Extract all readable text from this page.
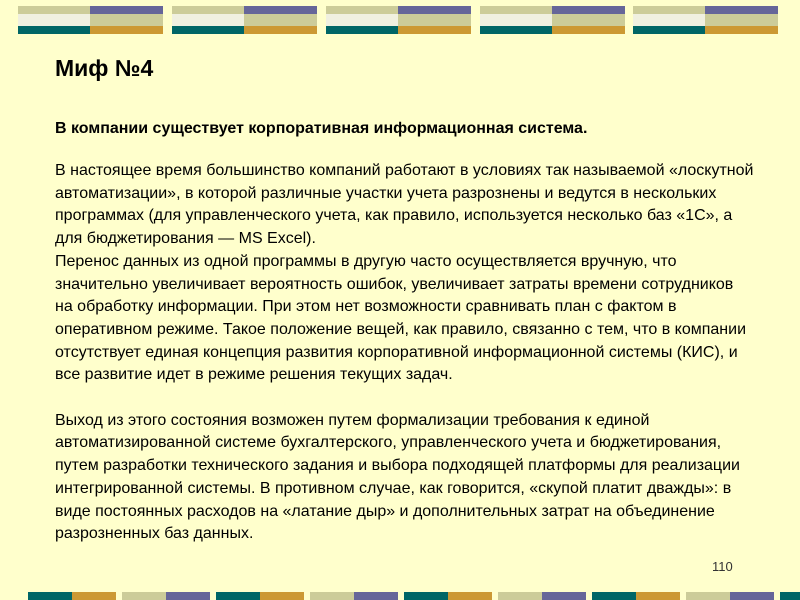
Миф №4
В компании существует корпоративная информационная система.

В настоящее время большинство компаний работают в условиях так называемой «лоскутной автоматизации», в которой различные участки учета разрознены и ведутся в нескольких программах (для управленческого учета, как правило, используется несколько баз «1С», а для бюджетирования — MS Excel).

Перенос данных из одной программы в другую часто осуществляется вручную, что значительно увеличивает вероятность ошибок, увеличивает затраты времени сотрудников на обработку информации. При этом нет возможности сравнивать план с фактом в оперативном режиме. Такое положение вещей, как правило, связанно с тем, что в компании отсутствует единая концепция развития корпоративной информационной системы (КИС), и все развитие идет в режиме решения текущих задач.

Выход из этого состояния возможен путем формализации требования к единой автоматизированной системе бухгалтерского, управленческого учета и бюджетирования, путем разработки технического задания и выбора подходящей платформы для реализации интегрированной системы. В противном случае, как говорится, «скупой платит дважды»: в виде постоянных расходов на «латание дыр» и дополнительных затрат на объединение разрозненных баз данных.

110
